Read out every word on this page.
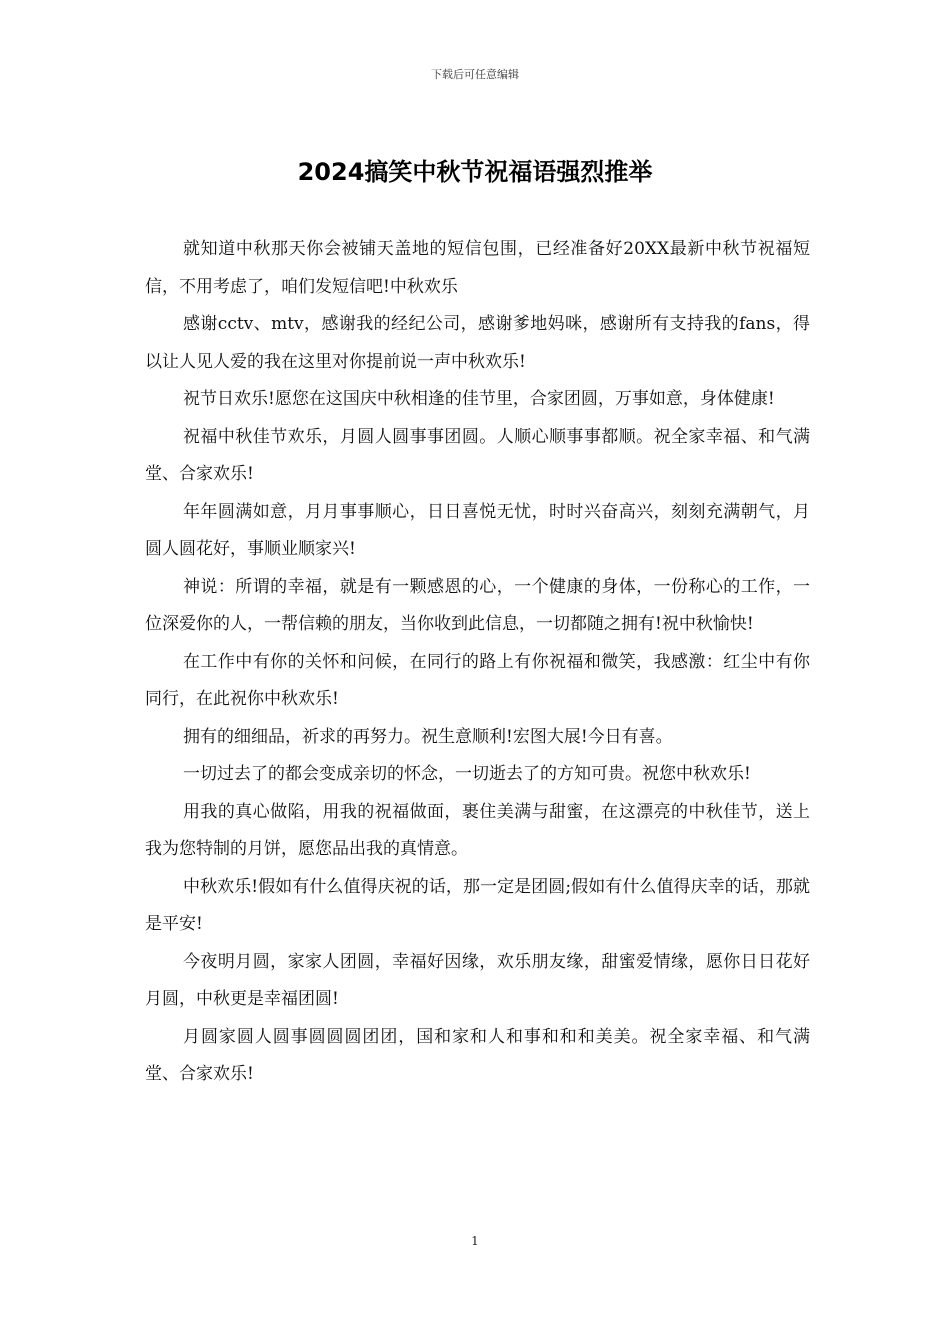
下载后可任意编辑
2024搞笑中秋节祝福语强烈推举

就知道中秋那天你会被铺天盖地的短信包围，已经准备好20XX最新中秋节祝福短信，不用考虑了，咱们发短信吧!中秋欢乐

感谢cctv、mtv，感谢我的经纪公司，感谢爹地妈咪，感谢所有支持我的fans，得以让人见人爱的我在这里对你提前说一声中秋欢乐!

祝节日欢乐!愿您在这国庆中秋相逢的佳节里，合家团圆，万事如意，身体健康!

祝福中秋佳节欢乐，月圆人圆事事团圆。人顺心顺事事都顺。祝全家幸福、和气满堂、合家欢乐!

年年圆满如意，月月事事顺心，日日喜悦无忧，时时兴奋高兴，刻刻充满朝气，月圆人圆花好，事顺业顺家兴!

神说：所谓的幸福，就是有一颗感恩的心，一个健康的身体，一份称心的工作，一位深爱你的人，一帮信赖的朋友，当你收到此信息，一切都随之拥有!祝中秋愉快!

在工作中有你的关怀和问候，在同行的路上有你祝福和微笑，我感激：红尘中有你同行，在此祝你中秋欢乐!

拥有的细细品，祈求的再努力。祝生意顺利!宏图大展!今日有喜。

一切过去了的都会变成亲切的怀念，一切逝去了的方知可贵。祝您中秋欢乐!

用我的真心做陷，用我的祝福做面，裹住美满与甜蜜，在这漂亮的中秋佳节，送上我为您特制的月饼，愿您品出我的真情意。

中秋欢乐!假如有什么值得庆祝的话，那一定是团圆;假如有什么值得庆幸的话，那就是平安!

今夜明月圆，家家人团圆，幸福好因缘，欢乐朋友缘，甜蜜爱情缘，愿你日日花好月圆，中秋更是幸福团圆!

月圆家圆人圆事圆圆圆团团，国和家和人和事和和和美美。祝全家幸福、和气满堂、合家欢乐!

1
